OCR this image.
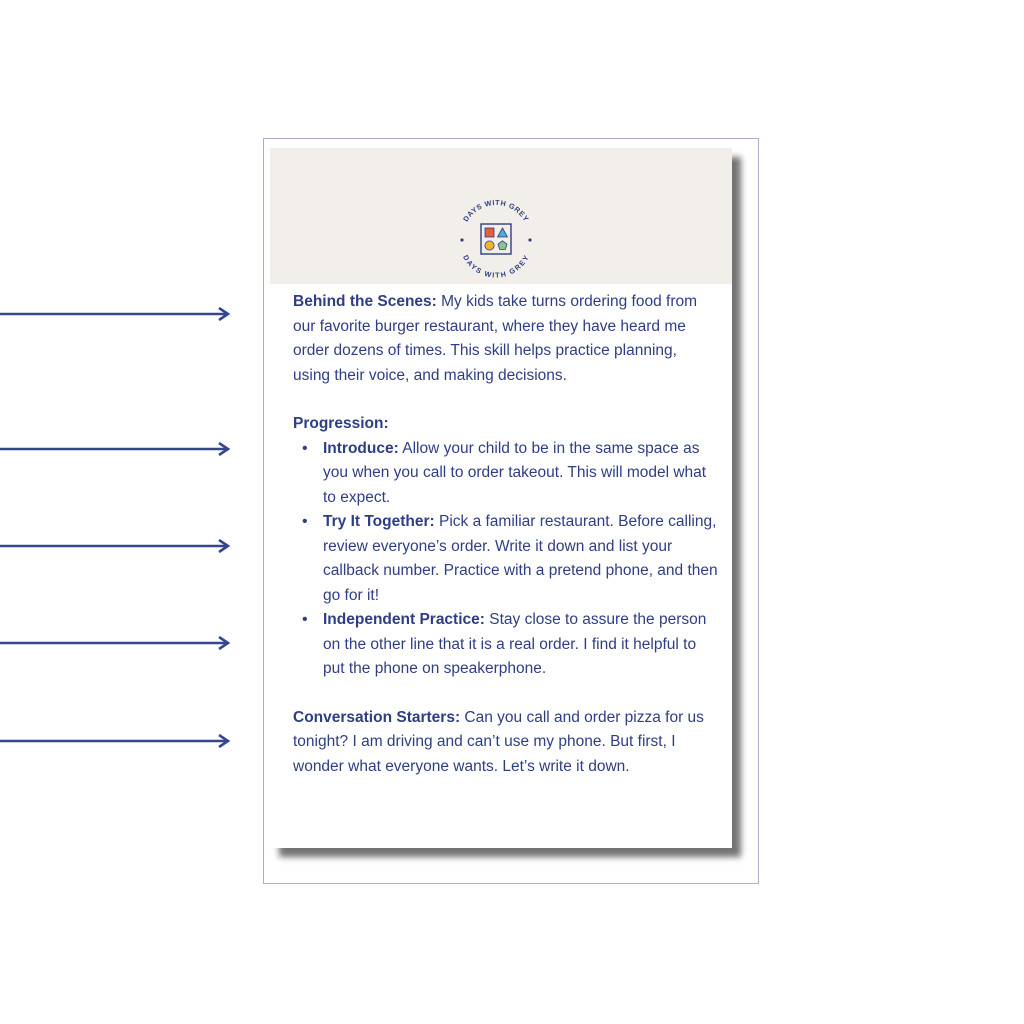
DAYS WITH GREY
DAYS WITH GREY

Behind the Scenes: My kids take turns ordering food from our favorite burger restaurant, where they have heard me order dozens of times. This skill helps practice planning, using their voice, and making decisions.

Progression:

• Introduce: Allow your child to be in the same space as you when you call to order takeout. This will model what to expect.
• Try It Together: Pick a familiar restaurant. Before calling, review everyone’s order. Write it down and list your callback number. Practice with a pretend phone, and then go for it!
• Independent Practice: Stay close to assure the person on the other line that it is a real order. I find it helpful to put the phone on speakerphone.

Conversation Starters: Can you call and order pizza for us tonight? I am driving and can’t use my phone. But first, I wonder what everyone wants. Let’s write it down.
